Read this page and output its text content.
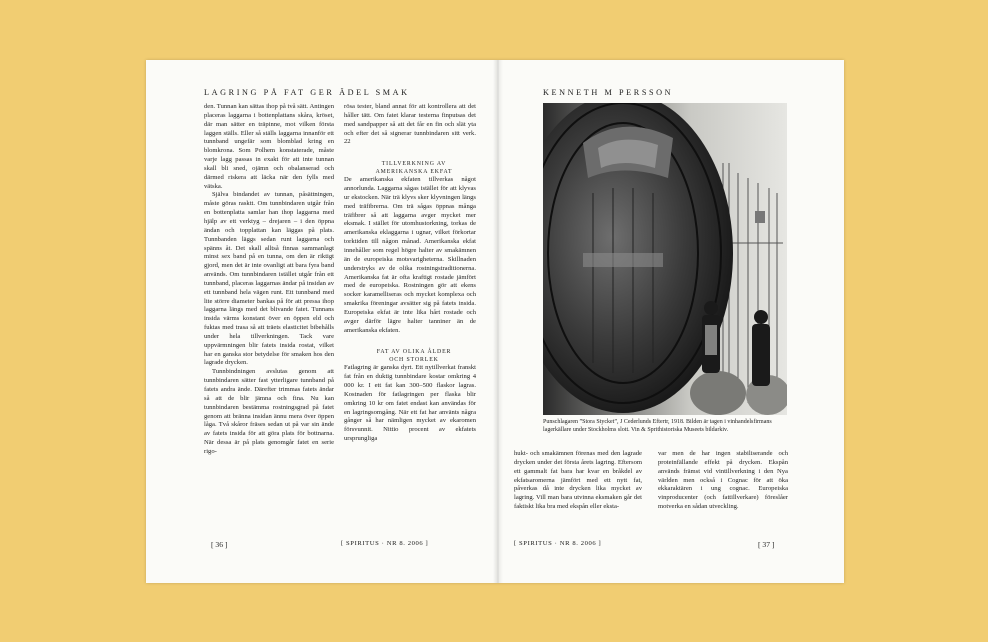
LAGRING PÅ FAT GER ÄDEL SMAK

den. Tunnan kan sättas ihop på två sätt. Antingen placeras laggarna i bottenplattans skåra, kröset, där man sätter en träpinne, mot vilken första laggen ställs. Eller så ställs laggarna innanför ett tunnband ungefär som blomblad kring en blomkrona. Som Polhem konstaterade, måste varje lagg passas in exakt för att inte tunnan skall bli sned, ojämn och obalanserad och därmed riskera att läcka när den fylls med vätska.

Själva bindandet av tunnan, påsättningen, måste göras rasktt. Om tunnbindaren utgår från en bottenplatta samlar han ihop laggarna med hjälp av ett verktyg – drejaren – i den öppna ändan och topplattan kan läggas på plats. Tunnbanden läggs sedan runt laggarna och spänns åt. Det skall alltså finnas sammanlagt minst sex band på en tunna, om den är riktigt gjord, men det är inte ovanligt att bara fyra band används. Om tunnbindaren istället utgår från ett tunnband, placeras laggarnas ändar på insidan av ett tunnband hela vägen runt. Ett tunnband med lite större diameter bankas på för att pressa ihop laggarna längs med det blivande fatet. Tunnans insida värms konstant över en öppen eld och fuktas med trasa så att träets elasticitet bibehålls under hela tillverkningen. Tack vare uppvärmningen blir fatets insida rostat, vilket har en ganska stor betydelse för smaken hos den lagrade drycken.

Tunnbindningen avslutas genom att tunnbindaren sätter fast ytterligare tunnband på fatets andra ände. Därefter trimmas fatets ändar så att de blir jämna och fina. Nu kan tunnbindaren bestämma rostningsgrad på fatet genom att bränna insidan ännu mera över öppen låga. Två skåror fräses sedan ut på var sin ände av fatets insida för att göra plats för bottnarna. När dessa är på plats genomgår fatet en serie rigo-

rösa tester, bland annat för att kontrollera att det håller tätt. Om fatet klarar testerna finputsas det med sandpapper så att det får en fin och slät yta och efter det så signerar tunnbindaren sitt verk. 22

TILLVERKNING AV

AMERIKANSKA EKFAT

De amerikanska ekfaten tillverkas något annorlunda. Laggarna sågas istället för att klyvas ur ekstocken. När trä klyvs sker klyvningen längs med träfibrerna. Om trä sågas öppnas många träfibrer så att laggarna avger mycket mer eksmak. I stället för utomhustorkning, torkas de amerikanska eklaggarna i ugnar, vilket förkortar torktiden till någon månad. Amerikanska ekfat innehåller som regel högre halter av smakämnen än de europeiska motsvarigheterna. Skillnaden understryks av de olika rostningstraditionerna. Amerikanska fat är ofta kraftigt rostade jämfört med de europeiska. Rostningen gör att ekens socker karamelliseras och mycket komplexa och smakrika föreningar avsätter sig på fatets insida. Europeiska ekfat är inte lika hårt rostade och avger därför lägre halter tanniner än de amerikanska ekfaten.

FAT AV OLIKA ÅLDER

OCH STORLEK

Fatlagring är ganska dyrt. Ett nytillverkat franskt fat från en duktig tunnbindare kostar omkring 4 000 kr. I ett fat kan 300–500 flaskor lagras. Kostnaden för fatlagringen per flaska blir omkring 10 kr om fatet endast kan användas för en lagringsomgång. När ett fat har använts några gånger så har nämligen mycket av ekaromen försvunnit. Nittio procent av ekfatets ursprungliga

[ 36 ]	[ SPIRITUS · NR 8. 2006 ]
KENNETH M PERSSON
Punschlagaren ”Stora Stycket”, J Cederlunds Eftertr, 1918. Bilden är tagen i vinhandelsfirmans lagerkällare under Stockholms slott. Vin & Sprithistoriska Museets bildarkiv.

hukt- och smakämnen förenas med den lagrade drycken under det första årets lagring. Eftersom ett gammalt fat bara har kvar en bråkdel av ekfatsaromerna jämfört med ett nytt fat, påverkas då inte drycken lika mycket av lagring. Vill man bara utvinna eksmaken går det faktiskt lika bra med ekspån eller eksta-

var men de har ingen stabiliserande och proteinfällande effekt på drycken. Ekspån används främst vid vintillverkning i den Nya världen men också i Cognac för att öka ekkaraktären i ung cognac. Europeiska vinproducenter (och fattillverkare) föreslåer motverka en sådan utveckling.

[ SPIRITUS · NR 8. 2006 ]	[ 37 ]
